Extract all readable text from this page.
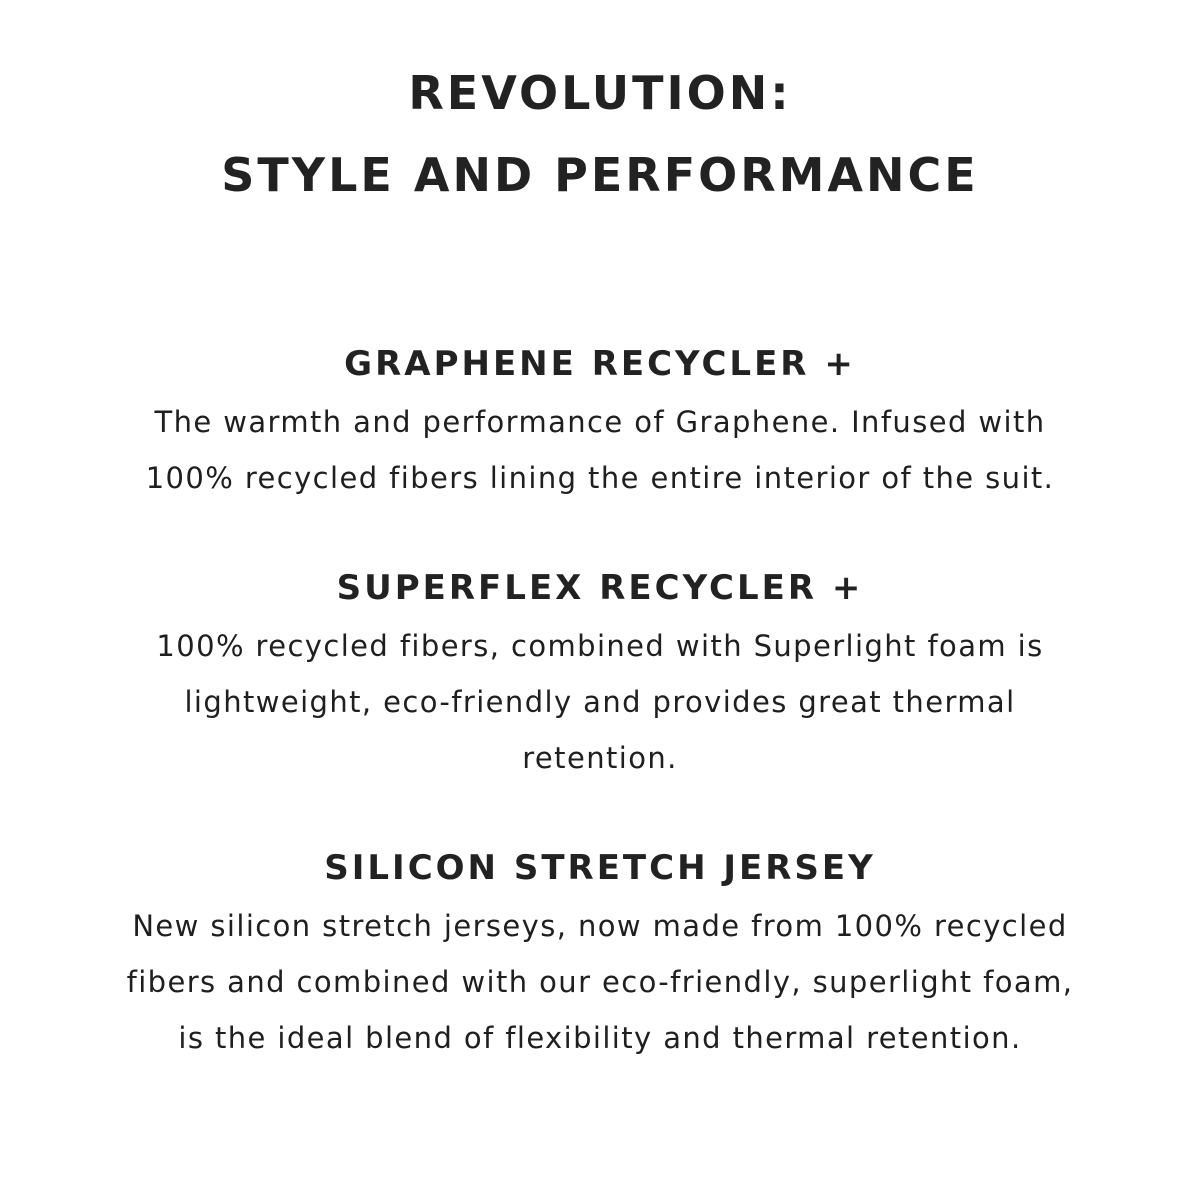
REVOLUTION:
STYLE AND PERFORMANCE
GRAPHENE RECYCLER +

The warmth and performance of Graphene. Infused with 100% recycled fibers lining the entire interior of the suit.

SUPERFLEX RECYCLER +

100% recycled fibers, combined with Superlight foam is lightweight, eco-friendly and provides great thermal retention.

SILICON STRETCH JERSEY

New silicon stretch jerseys, now made from 100% recycled fibers and combined with our eco-friendly, superlight foam, is the ideal blend of flexibility and thermal retention.
